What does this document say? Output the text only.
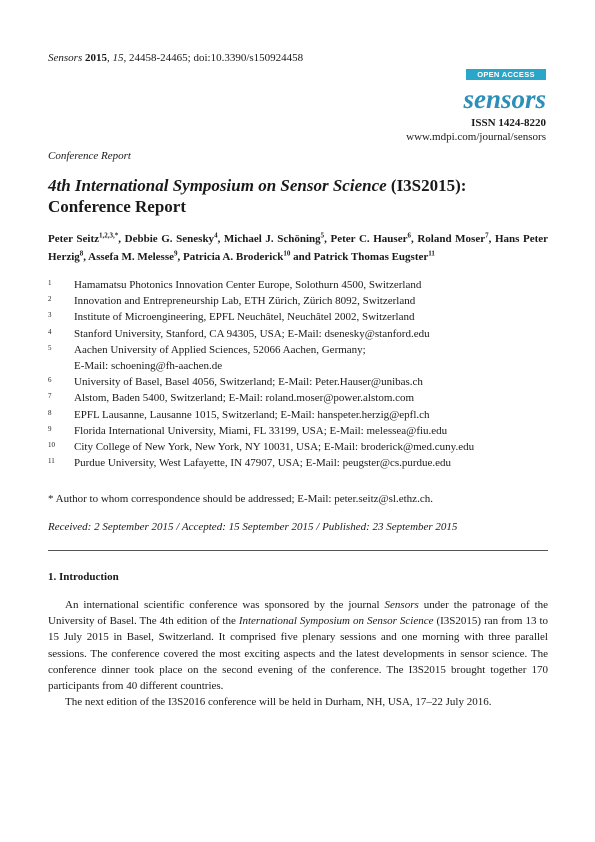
Sensors 2015, 15, 24458-24465; doi:10.3390/s150924458
OPEN ACCESS
sensors
ISSN 1424-8220
www.mdpi.com/journal/sensors
Conference Report
4th International Symposium on Sensor Science (I3S2015): Conference Report
Peter Seitz$^{1,2,3,*}$, Debbie G. Senesky$^4$, Michael J. Schöning$^5$, Peter C. Hauser$^6$, Roland Moser$^7$, Hans Peter Herzig$^8$, Assefa M. Melesse$^9$, Patricia A. Broderick$^{10}$ and Patrick Thomas Eugster$^{11}$
1 Hamamatsu Photonics Innovation Center Europe, Solothurn 4500, Switzerland
2 Innovation and Entrepreneurship Lab, ETH Zürich, Zürich 8092, Switzerland
3 Institute of Microengineering, EPFL Neuchâtel, Neuchâtel 2002, Switzerland
4 Stanford University, Stanford, CA 94305, USA; E-Mail: dsenesky@stanford.edu
5 Aachen University of Applied Sciences, 52066 Aachen, Germany;
E-Mail: schoening@fh-aachen.de
6 University of Basel, Basel 4056, Switzerland; E-Mail: Peter.Hauser@unibas.ch
7 Alstom, Baden 5400, Switzerland; E-Mail: roland.moser@power.alstom.com
8 EPFL Lausanne, Lausanne 1015, Switzerland; E-Mail: hanspeter.herzig@epfl.ch
9 Florida International University, Miami, FL 33199, USA; E-Mail: melessea@fiu.edu
10 City College of New York, New York, NY 10031, USA; E-Mail: broderick@med.cuny.edu
11 Purdue University, West Lafayette, IN 47907, USA; E-Mail: peugster@cs.purdue.edu
* Author to whom correspondence should be addressed; E-Mail: peter.seitz@sl.ethz.ch.
Received: 2 September 2015 / Accepted: 15 September 2015 / Published: 23 September 2015
1. Introduction

An international scientific conference was sponsored by the journal Sensors under the patronage of the University of Basel. The 4th edition of the International Symposium on Sensor Science (I3S2015) ran from 13 to 15 July 2015 in Basel, Switzerland. It comprised five plenary sessions and one morning with three parallel sessions. The conference covered the most exciting aspects and the latest developments in sensor science. The conference dinner took place on the second evening of the conference. The I3S2015 brought together 170 participants from 40 different countries.

The next edition of the I3S2016 conference will be held in Durham, NH, USA, 17–22 July 2016.
